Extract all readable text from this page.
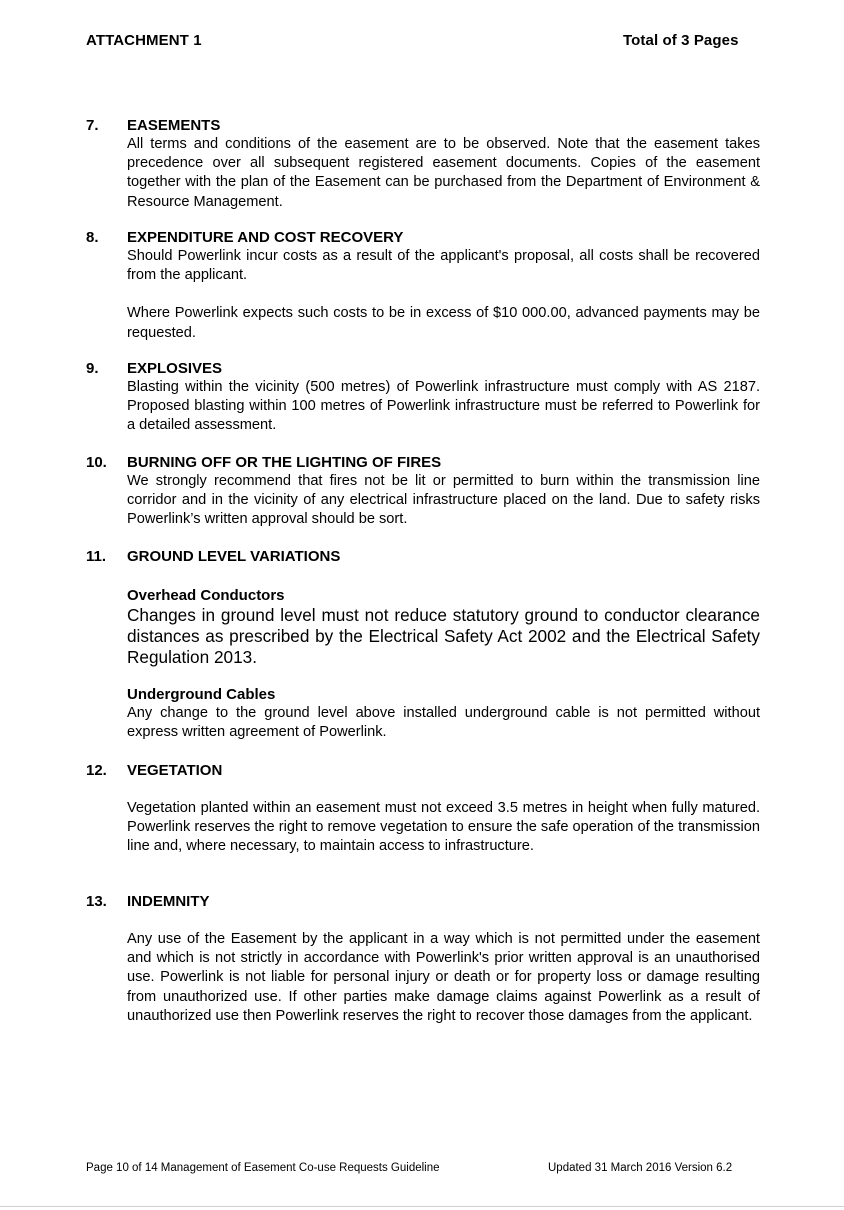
ATTACHMENT 1	Total of 3 Pages
7.	EASEMENTS

All terms and conditions of the easement are to be observed. Note that the easement takes precedence over all subsequent registered easement documents. Copies of the easement together with the plan of the Easement can be purchased from the Department of Environment & Resource Management.

8.	EXPENDITURE AND COST RECOVERY

Should Powerlink incur costs as a result of the applicant's proposal, all costs shall be recovered from the applicant.

Where Powerlink expects such costs to be in excess of $10 000.00, advanced payments may be requested.

9.	EXPLOSIVES

Blasting within the vicinity (500 metres) of Powerlink infrastructure must comply with AS 2187. Proposed blasting within 100 metres of Powerlink infrastructure must be referred to Powerlink for a detailed assessment.

10.	BURNING OFF OR THE LIGHTING OF FIRES

We strongly recommend that fires not be lit or permitted to burn within the transmission line corridor and in the vicinity of any electrical infrastructure placed on the land. Due to safety risks Powerlink’s written approval should be sort.

11.	GROUND LEVEL VARIATIONS

Overhead Conductors

Changes in ground level must not reduce statutory ground to conductor clearance distances as prescribed by the Electrical Safety Act 2002 and the Electrical Safety Regulation 2013.

Underground Cables

Any change to the ground level above installed underground cable is not permitted without express written agreement of Powerlink.

12.	VEGETATION

Vegetation planted within an easement must not exceed 3.5 metres in height when fully matured. Powerlink reserves the right to remove vegetation to ensure the safe operation of the transmission line and, where necessary, to maintain access to infrastructure.

13.	INDEMNITY

Any use of the Easement by the applicant in a way which is not permitted under the easement and which is not strictly in accordance with Powerlink's prior written approval is an unauthorised use. Powerlink is not liable for personal injury or death or for property loss or damage resulting from unauthorized use. If other parties make damage claims against Powerlink as a result of unauthorized use then Powerlink reserves the right to recover those damages from the applicant.

Page 10 of 14 Management of Easement Co-use Requests Guideline	Updated 31 March 2016 Version 6.2
